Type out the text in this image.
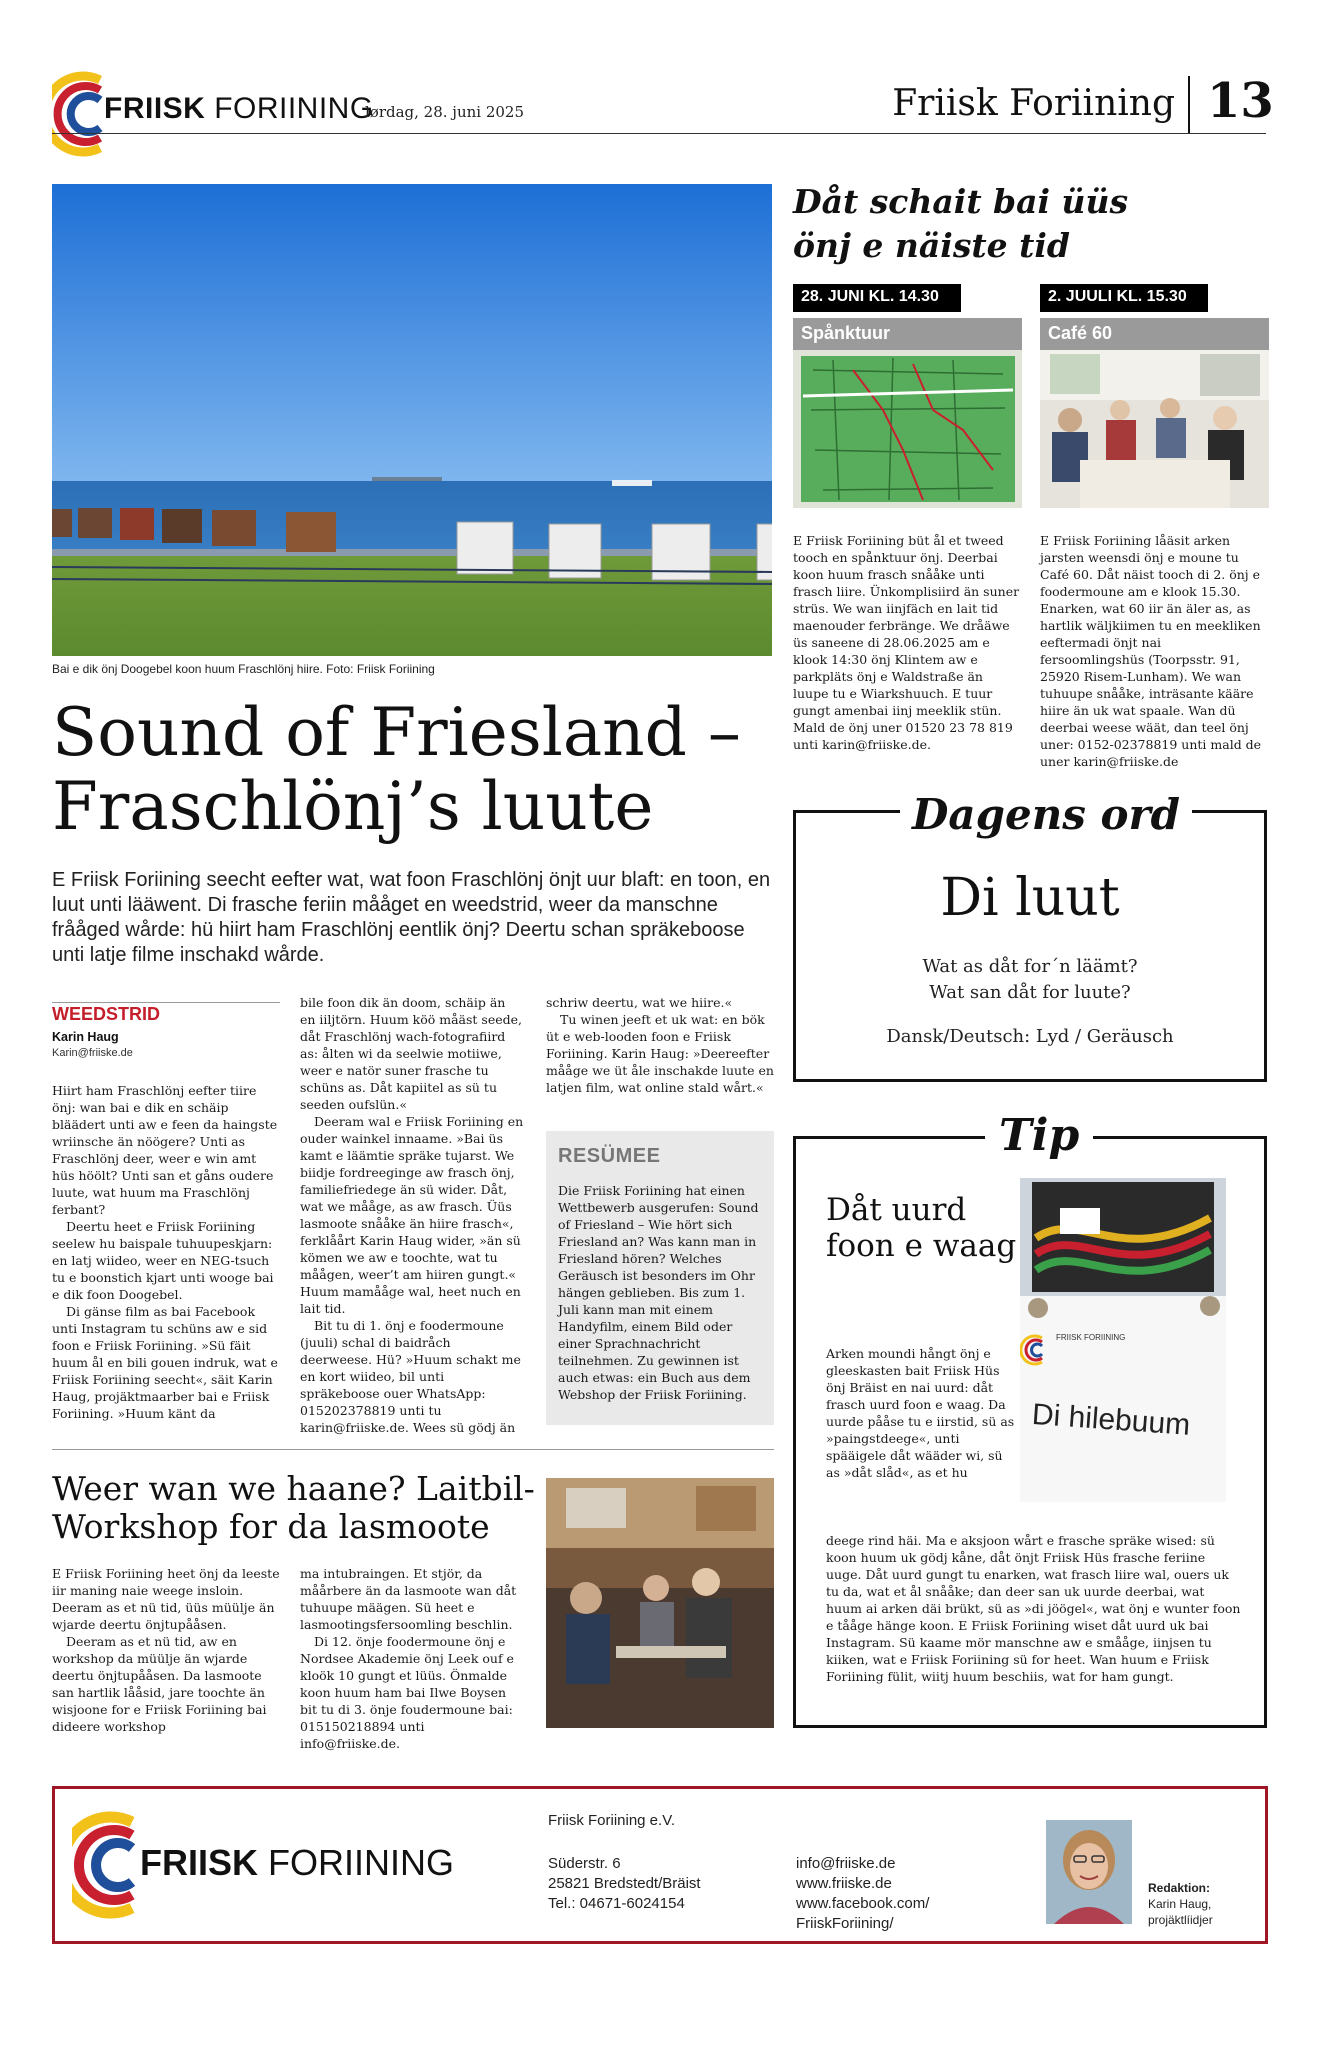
FRIISK FORIINING
lørdag, 28. juni 2025	Friisk Foriining 13
Bai e dik önj Doogebel koon huum Fraschlönj hiire. Foto: Friisk Foriining
Sound of Friesland –
Fraschlönj’s luute
E Friisk Foriining seecht eefter wat, wat foon Fraschlönj önjt uur blaft: en toon, en luut unti lääwent. Di frasche feriin mååget en weedstrid, weer da manschne frååged wårde: hü hiirt ham Fraschlönj eentlik önj? Deertu schan spräkeboose unti latje filme inschakd wårde.
WEEDSTRID
Karin Haug
Karin@friiske.de

Hiirt ham Fraschlönj eefter tiire önj: wan bai e dik en schäip bläädert unti aw e feen da haingste wriinsche än nöögere? Unti as Fraschlönj deer, weer e win amt hüs höölt? Unti san et gåns oudere luute, wat huum ma Fraschlönj ferbant?

Deertu heet e Friisk Foriining seelew hu baispale tuhuupeskjarn: en latj wiideo, weer en NEG-tsuch tu e boonstich kjart unti wooge bai e dik foon Doogebel.

Di gänse film as bai Facebook unti Instagram tu schüns aw e sid foon e Friisk Foriining. »Sü fäit huum ål en bili gouen indruk, wat e Friisk Foriining seecht«, säit Karin Haug, projäktmaarber bai e Friisk Foriining. »Huum känt da

bile foon dik än doom, schäip än en iiljtörn. Huum köö måäst seede, dåt Fraschlönj wach-fotografiird as: ålten wi da seelwie motiiwe, weer e natör suner frasche tu schüns as. Dåt kapiitel as sü tu seeden oufslün.«

Deeram wal e Friisk Foriining en ouder wainkel innaame. »Bai üs kamt e läämtie spräke tujarst. We biidje fordreeginge aw frasch önj, familiefriedege än sü wider. Dåt, wat we mååge, as aw frasch. Üüs lasmoote snååke än hiire frasch«, ferklåårt Karin Haug wider, »än sü kömen we aw e toochte, wat tu måågen, weer’t am hiiren gungt.« Huum mamååge wal, heet nuch en lait tid.

Bit tu di 1. önj e foodermoune (juuli) schal di baidråch deerweese. Hü? »Huum schakt me en kort wiideo, bil unti spräkeboose ouer WhatsApp: 015202378819 unti tu karin@friiske.de. Wees sü gödj än

schriw deertu, wat we hiire.«

Tu winen jeeft et uk wat: en bök üt e web-looden foon e Friisk Foriining. Karin Haug: »Deereefter mååge we üt åle inschakde luute en latjen film, wat online stald wårt.«

RESÜMEE
Die Friisk Foriining hat einen Wettbewerb ausgerufen: Sound of Friesland – Wie hört sich Friesland an? Was kann man in Friesland hören? Welches Geräusch ist besonders im Ohr hängen geblieben. Bis zum 1. Juli kann man mit einem Handyfilm, einem Bild oder einer Sprachnachricht teilnehmen. Zu gewinnen ist auch etwas: ein Buch aus dem Webshop der Friisk Foriining.
Weer wan we haane? Laitbil-Workshop for da lasmoote

E Friisk Foriining heet önj da leeste iir maning naie weege insloin. Deeram as et nü tid, üüs müülje än wjarde deertu önjtupååsen.

Deeram as et nü tid, aw en workshop da müülje än wjarde deertu önjtupååsen. Da lasmoote san hartlik lååsid, jare toochte än wisjoone for e Friisk Foriining bai dideere workshop

ma intubraingen. Et stjör, da måårbere än da lasmoote wan dåt tuhuupe määgen. Sü heet e lasmootingsfersoomling beschlin.

Di 12. önje foodermoune önj e Nordsee Akademie önj Leek ouf e kloök 10 gungt et lüüs. Önmalde koon huum ham bai Ilwe Boysen bit tu di 3. önje foudermoune bai: 015150218894 unti info@friiske.de.

Dåt schait bai üüs
önj e näiste tid
28. JUNI KL. 14.30
Spånktuur
E Friisk Foriining büt ål et tweed tooch en spånktuur önj. Deerbai koon huum frasch snååke unti frasch liire. Ünkomplisiird än suner strüs. We wan iinjfäch en lait tid maenouder ferbränge. We dråäwe üs saneene di 28.06.2025 am e klook 14:30 önj Klintem aw e parkpläts önj e Waldstraße än luupe tu e Wiarkshuuch. E tuur gungt amenbai iinj meeklik stün. Mald de önj uner 01520 23 78 819 unti karin@friiske.de.
2. JUULI KL. 15.30
Café 60
E Friisk Foriining låäsit arken jarsten weensdi önj e moune tu Café 60. Dåt näist tooch di 2. önj e foodermoune am e klook 15.30. Enarken, wat 60 iir än äler as, as hartlik wäljkiimen tu en meekliken eeftermadi önjt nai fersoomlingshüs (Toorpsstr. 91, 25920 Risem-Lunham). We wan tuhuupe snååke, inträsante kääre hiire än uk wat spaale. Wan dü deerbai weese wäät, dan teel önj uner: 0152-02378819 unti mald de uner karin@friiske.de
Dagens ord
Di luut
Wat as dåt for´n läämt?
Wat san dåt for luute?
Dansk/Deutsch: Lyd / Geräusch
Tip
Dåt uurd foon e waag
FRIISK FORIINING
Di hilebuum
Arken moundi hångt önj e gleeskasten bait Friisk Hüs önj Bräist en nai uurd: dåt frasch uurd foon e waag. Da uurde pååse tu e iirstid, sü as »paingstdeege«, unti spääigele dåt wääder wi, sü as »dåt slåd«, as et hu
deege rind häi. Ma e aksjoon wårt e frasche spräke wised: sü koon huum uk gödj kåne, dåt önjt Friisk Hüs frasche feriine uuge. Dåt uurd gungt tu enarken, wat frasch liire wal, ouers uk tu da, wat et ål snååke; dan deer san uk uurde deerbai, wat huum ai arken däi brükt, sü as »di jöögel«, wat önj e wunter foon e tååge hänge koon. E Friisk Foriining wiset dåt uurd uk bai Instagram. Sü kaame mör manschne aw e smååge, iinjsen tu kiiken, wat e Friisk Foriining sü for heet. Wan huum e Friisk Foriining fülit, wiitj huum beschiis, wat for ham gungt.
FRIISK FORIINING
Friisk Foriining e.V.
Süderstr. 6
25821 Bredstedt/Bräist
Tel.: 04671-6024154
info@friiske.de
www.friiske.de
www.facebook.com/
FriiskForiining/
Redaktion:
Karin Haug,
projäktlíidjer
